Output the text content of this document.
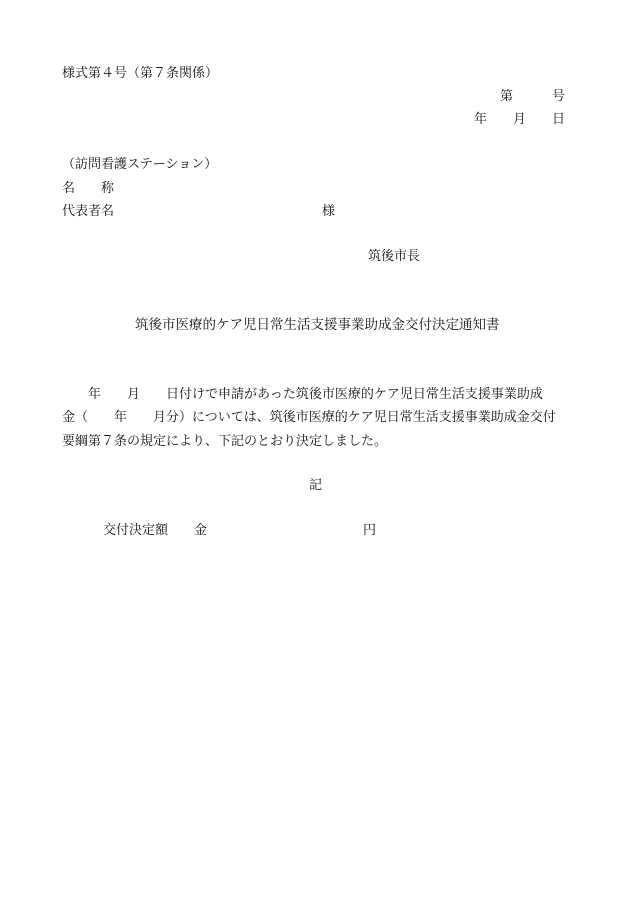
様式第４号（第７条関係）
第　　　号
年　　月　　日
（訪問看護ステーション）
名　　称
代表者名　　　　　　　　　　　　　　　　様
筑後市長
筑後市医療的ケア児日常生活支援事業助成金交付決定通知書
　　年　　月　　日付けで申請があった筑後市医療的ケア児日常生活支援事業助成
金（　　年　　月分）については、筑後市医療的ケア児日常生活支援事業助成金交付
要綱第７条の規定により、下記のとおり決定しました。
記
交付決定額　　金　　　　　　　　　　　　円
